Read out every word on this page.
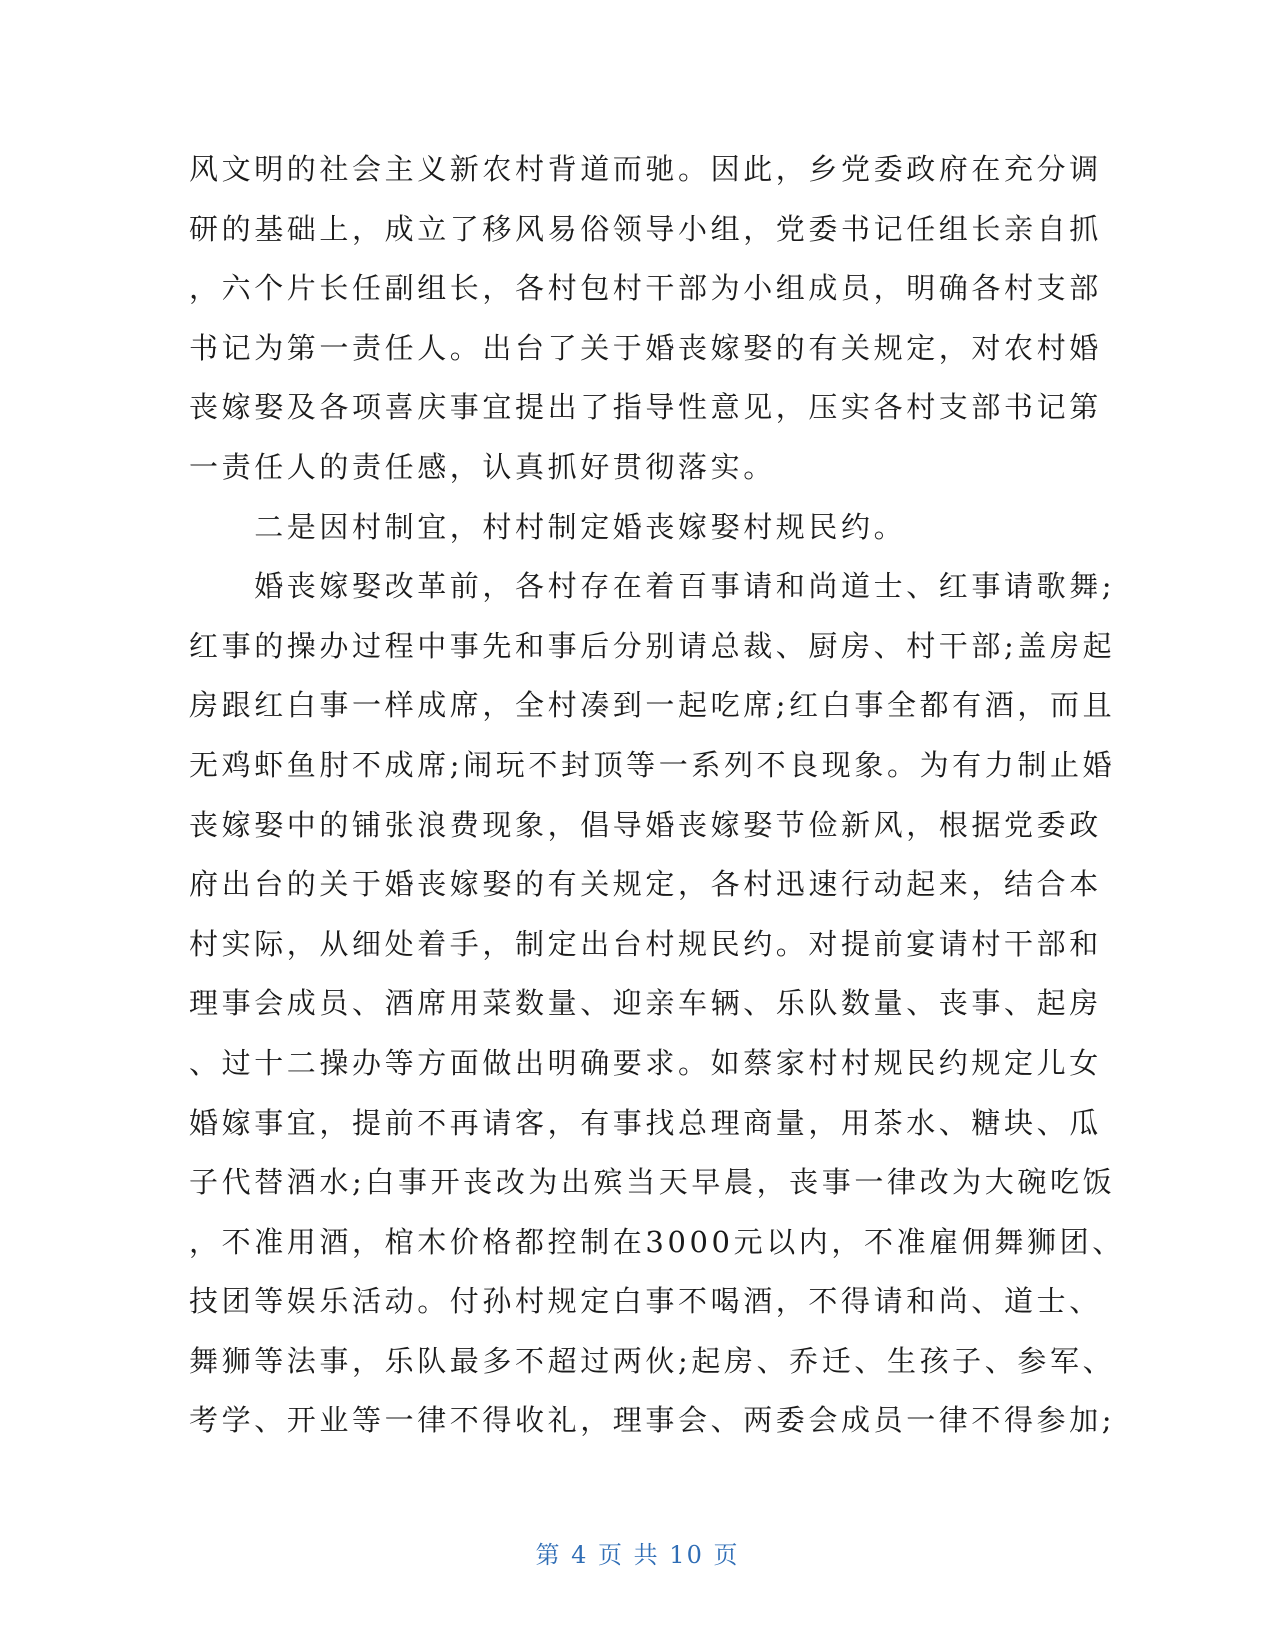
风文明的社会主义新农村背道而驰。因此，乡党委政府在充分调
研的基础上，成立了移风易俗领导小组，党委书记任组长亲自抓
，六个片长任副组长，各村包村干部为小组成员，明确各村支部
书记为第一责任人。出台了关于婚丧嫁娶的有关规定，对农村婚
丧嫁娶及各项喜庆事宜提出了指导性意见，压实各村支部书记第
一责任人的责任感，认真抓好贯彻落实。
　　二是因村制宜，村村制定婚丧嫁娶村规民约。
　　婚丧嫁娶改革前，各村存在着百事请和尚道士、红事请歌舞;
红事的操办过程中事先和事后分别请总裁、厨房、村干部;盖房起
房跟红白事一样成席，全村凑到一起吃席;红白事全都有酒，而且
无鸡虾鱼肘不成席;闹玩不封顶等一系列不良现象。为有力制止婚
丧嫁娶中的铺张浪费现象，倡导婚丧嫁娶节俭新风，根据党委政
府出台的关于婚丧嫁娶的有关规定，各村迅速行动起来，结合本
村实际，从细处着手，制定出台村规民约。对提前宴请村干部和
理事会成员、酒席用菜数量、迎亲车辆、乐队数量、丧事、起房
、过十二操办等方面做出明确要求。如蔡家村村规民约规定儿女
婚嫁事宜，提前不再请客，有事找总理商量，用茶水、糖块、瓜
子代替酒水;白事开丧改为出殡当天早晨，丧事一律改为大碗吃饭
，不准用酒，棺木价格都控制在3000元以内，不准雇佣舞狮团、
技团等娱乐活动。付孙村规定白事不喝酒，不得请和尚、道士、
舞狮等法事，乐队最多不超过两伙;起房、乔迁、生孩子、参军、
考学、开业等一律不得收礼，理事会、两委会成员一律不得参加;
第 4 页 共 10 页
